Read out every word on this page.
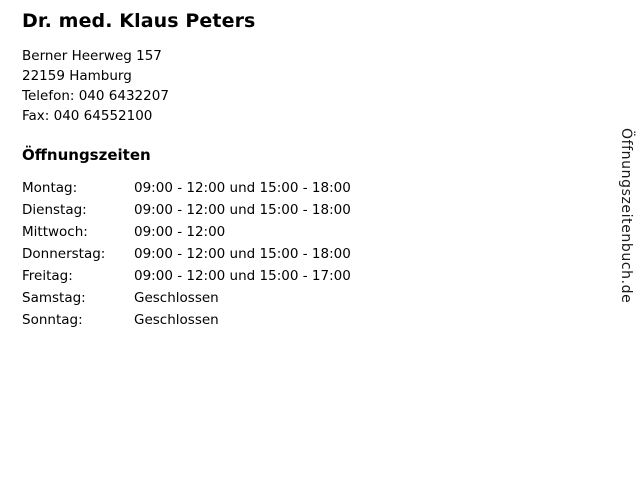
Dr. med. Klaus Peters
Berner Heerweg 157
22159 Hamburg
Telefon: 040 6432207
Fax: 040 64552100
Öffnungszeiten
Montag:	09:00 - 12:00 und 15:00 - 18:00
Dienstag:	09:00 - 12:00 und 15:00 - 18:00
Mittwoch:	09:00 - 12:00
Donnerstag:	09:00 - 12:00 und 15:00 - 18:00
Freitag:	09:00 - 12:00 und 15:00 - 17:00
Samstag:	Geschlossen
Sonntag:	Geschlossen
Öffnungszeitenbuch.de
